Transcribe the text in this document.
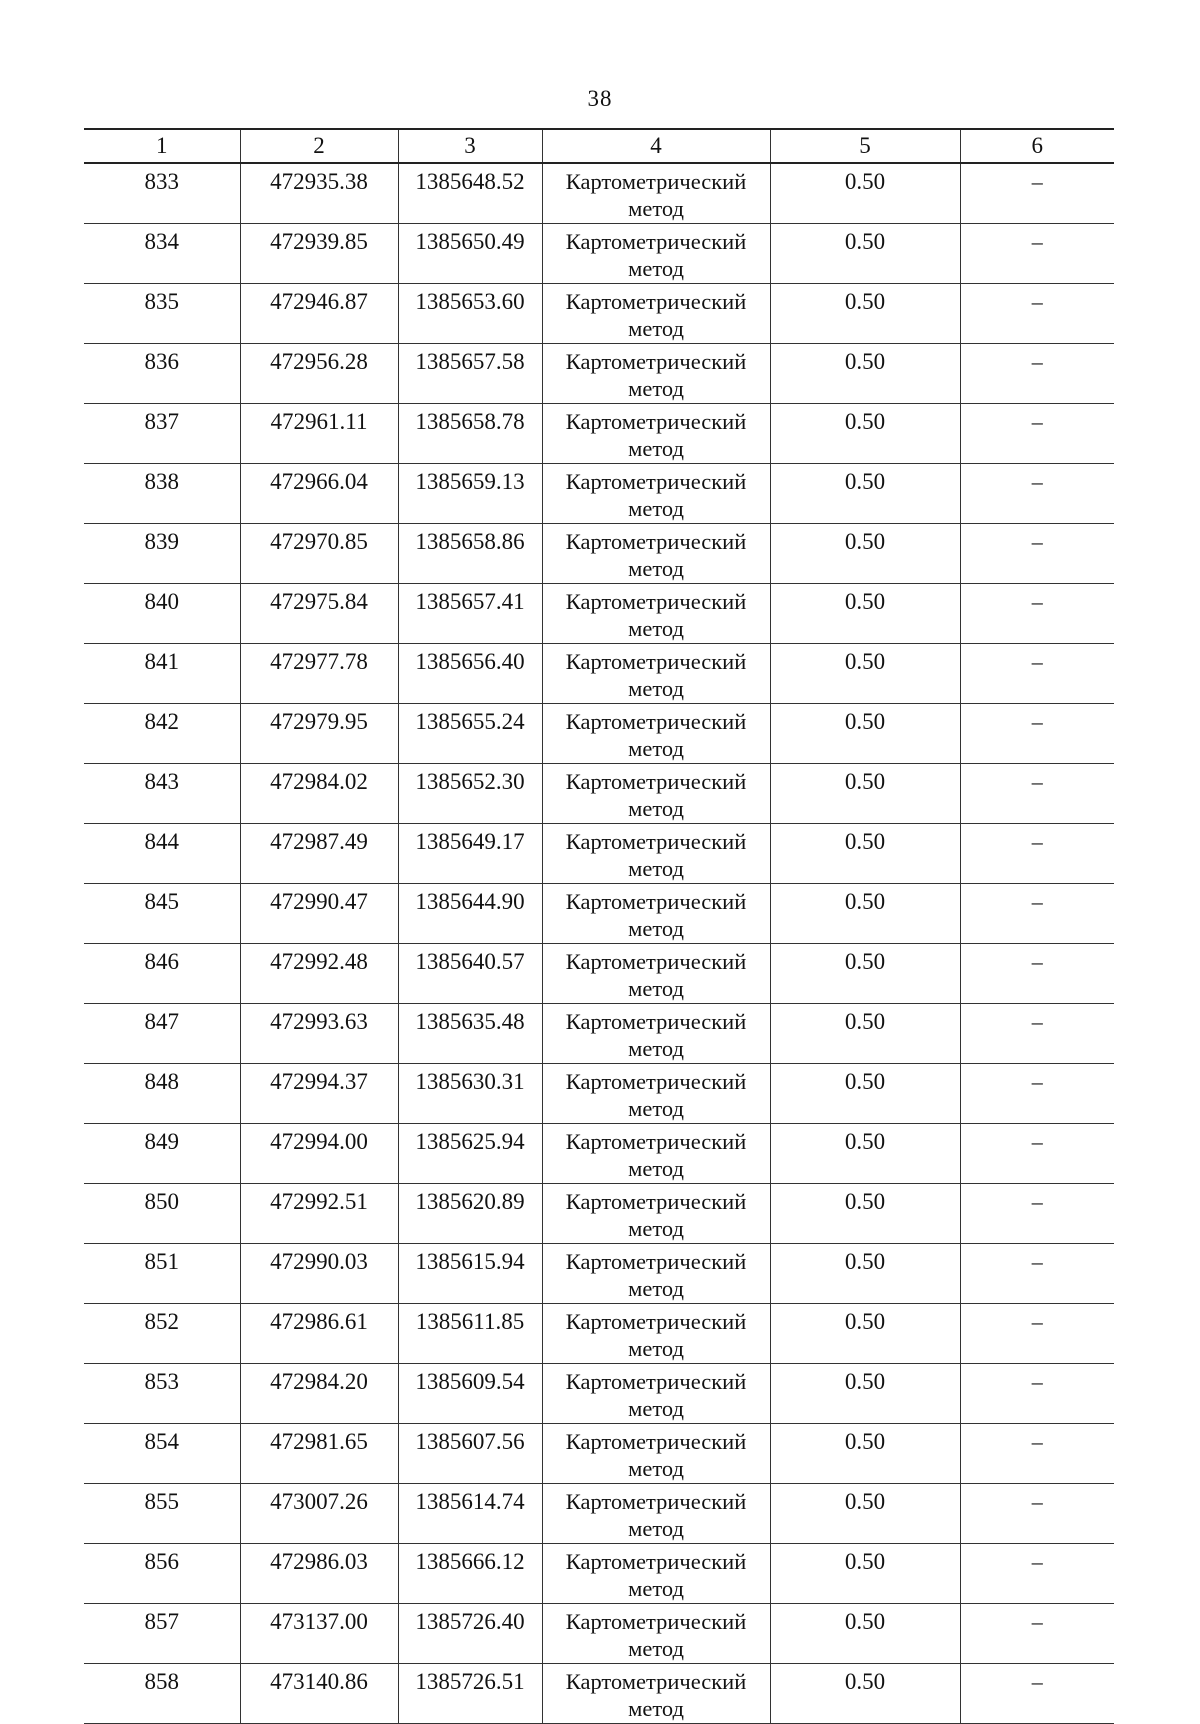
38
1	2	3	4	5	6
833	472935.38	1385648.52	Картометрический метод	0.50	–
834	472939.85	1385650.49	Картометрический метод	0.50	–
835	472946.87	1385653.60	Картометрический метод	0.50	–
836	472956.28	1385657.58	Картометрический метод	0.50	–
837	472961.11	1385658.78	Картометрический метод	0.50	–
838	472966.04	1385659.13	Картометрический метод	0.50	–
839	472970.85	1385658.86	Картометрический метод	0.50	–
840	472975.84	1385657.41	Картометрический метод	0.50	–
841	472977.78	1385656.40	Картометрический метод	0.50	–
842	472979.95	1385655.24	Картометрический метод	0.50	–
843	472984.02	1385652.30	Картометрический метод	0.50	–
844	472987.49	1385649.17	Картометрический метод	0.50	–
845	472990.47	1385644.90	Картометрический метод	0.50	–
846	472992.48	1385640.57	Картометрический метод	0.50	–
847	472993.63	1385635.48	Картометрический метод	0.50	–
848	472994.37	1385630.31	Картометрический метод	0.50	–
849	472994.00	1385625.94	Картометрический метод	0.50	–
850	472992.51	1385620.89	Картометрический метод	0.50	–
851	472990.03	1385615.94	Картометрический метод	0.50	–
852	472986.61	1385611.85	Картометрический метод	0.50	–
853	472984.20	1385609.54	Картометрический метод	0.50	–
854	472981.65	1385607.56	Картометрический метод	0.50	–
855	473007.26	1385614.74	Картометрический метод	0.50	–
856	472986.03	1385666.12	Картометрический метод	0.50	–
857	473137.00	1385726.40	Картометрический метод	0.50	–
858	473140.86	1385726.51	Картометрический метод	0.50	–
